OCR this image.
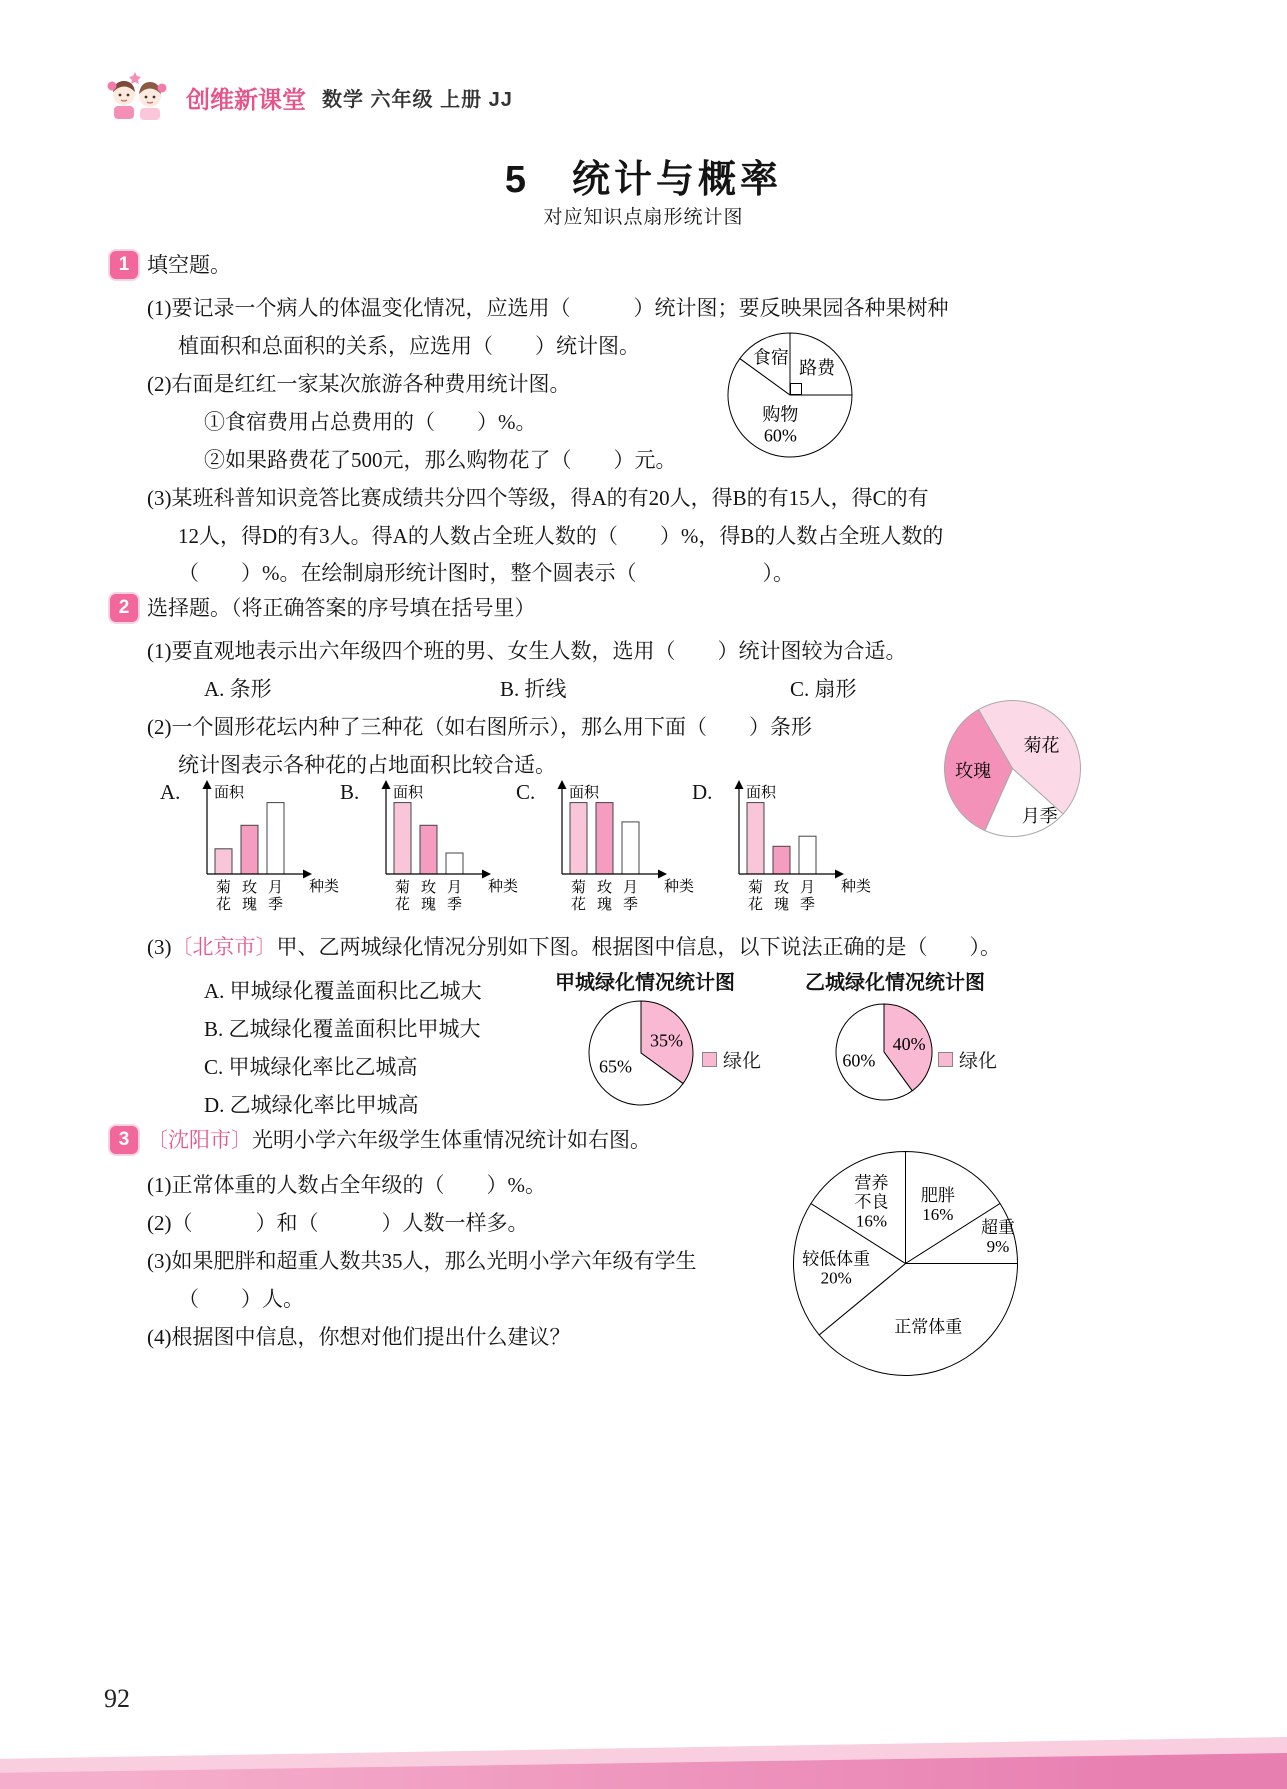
创维新课堂 数学 六年级 上册 JJ
5　统计与概率
对应知识点扇形统计图
1 填空题。
(1)要记录一个病人的体温变化情况，应选用（　　　）统计图；要反映果园各种果树种
植面积和总面积的关系，应选用（　　）统计图。
(2)右面是红红一家某次旅游各种费用统计图。
①食宿费用占总费用的（　　）%。
②如果路费花了500元，那么购物花了（　　）元。
(3)某班科普知识竞答比赛成绩共分四个等级，得A的有20人，得B的有15人，得C的有
12人，得D的有3人。得A的人数占全班人数的（　　）%，得B的人数占全班人数的
（　　）%。在绘制扇形统计图时，整个圆表示（　　　　　　）。
路费
购物 60%
食宿
2 选择题。（将正确答案的序号填在括号里）
(1)要直观地表示出六年级四个班的男、女生人数，选用（　　）统计图较为合适。
A. 条形	B. 折线	C. 扇形
(2)一个圆形花坛内种了三种花（如右图所示），那么用下面（　　）条形
统计图表示各种花的占地面积比较合适。
菊花
月季
玫瑰
A. 面积
种类
菊
花
玫
瑰
月
季
B. 面积
种类
菊
花
玫
瑰
月
季
C. 面积
种类
菊
花
玫
瑰
月
季
D. 面积
种类
菊
花
玫
瑰
月
季
(3)〔北京市〕甲、乙两城绿化情况分别如下图。根据图中信息，以下说法正确的是（　　）。
A. 甲城绿化覆盖面积比乙城大
B. 乙城绿化覆盖面积比甲城大
C. 甲城绿化率比乙城高
D. 乙城绿化率比甲城高
甲城绿化情况统计图	乙城绿化情况统计图
35%
65%
40%
60%
绿化	绿化
3 〔沈阳市〕光明小学六年级学生体重情况统计如右图。
(1)正常体重的人数占全年级的（　　）%。
(2)（　　　）和（　　　）人数一样多。
(3)如果肥胖和超重人数共35人，那么光明小学六年级有学生
（　　）人。
(4)根据图中信息，你想对他们提出什么建议？
肥胖 16%
超重 9%
正常体重
较低体重 20%
营养不良 16%
92
